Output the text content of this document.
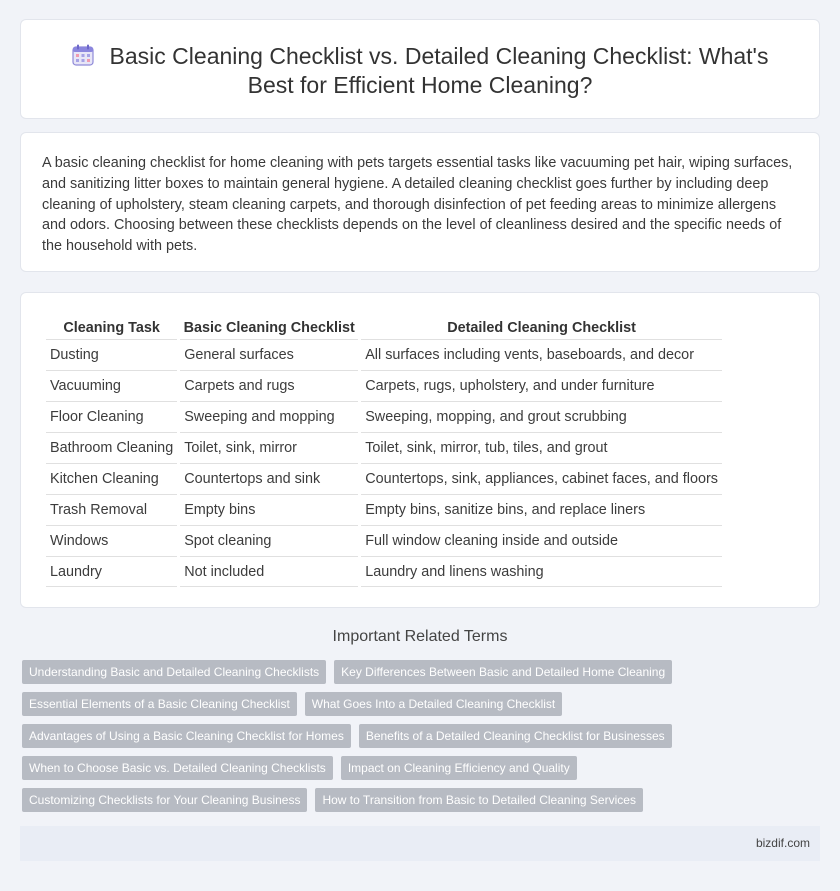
Basic Cleaning Checklist vs. Detailed Cleaning Checklist: What's Best for Efficient Home Cleaning?

A basic cleaning checklist for home cleaning with pets targets essential tasks like vacuuming pet hair, wiping surfaces, and sanitizing litter boxes to maintain general hygiene. A detailed cleaning checklist goes further by including deep cleaning of upholstery, steam cleaning carpets, and thorough disinfection of pet feeding areas to minimize allergens and odors. Choosing between these checklists depends on the level of cleanliness desired and the specific needs of the household with pets.

Cleaning Task	Basic Cleaning Checklist	Detailed Cleaning Checklist
Dusting	General surfaces	All surfaces including vents, baseboards, and decor
Vacuuming	Carpets and rugs	Carpets, rugs, upholstery, and under furniture
Floor Cleaning	Sweeping and mopping	Sweeping, mopping, and grout scrubbing
Bathroom Cleaning	Toilet, sink, mirror	Toilet, sink, mirror, tub, tiles, and grout
Kitchen Cleaning	Countertops and sink	Countertops, sink, appliances, cabinet faces, and floors
Trash Removal	Empty bins	Empty bins, sanitize bins, and replace liners
Windows	Spot cleaning	Full window cleaning inside and outside
Laundry	Not included	Laundry and linens washing
Important Related Terms
Understanding Basic and Detailed Cleaning Checklists	Key Differences Between Basic and Detailed Home Cleaning
Essential Elements of a Basic Cleaning Checklist	What Goes Into a Detailed Cleaning Checklist
Advantages of Using a Basic Cleaning Checklist for Homes	Benefits of a Detailed Cleaning Checklist for Businesses
When to Choose Basic vs. Detailed Cleaning Checklists	Impact on Cleaning Efficiency and Quality
Customizing Checklists for Your Cleaning Business	How to Transition from Basic to Detailed Cleaning Services
bizdif.com
